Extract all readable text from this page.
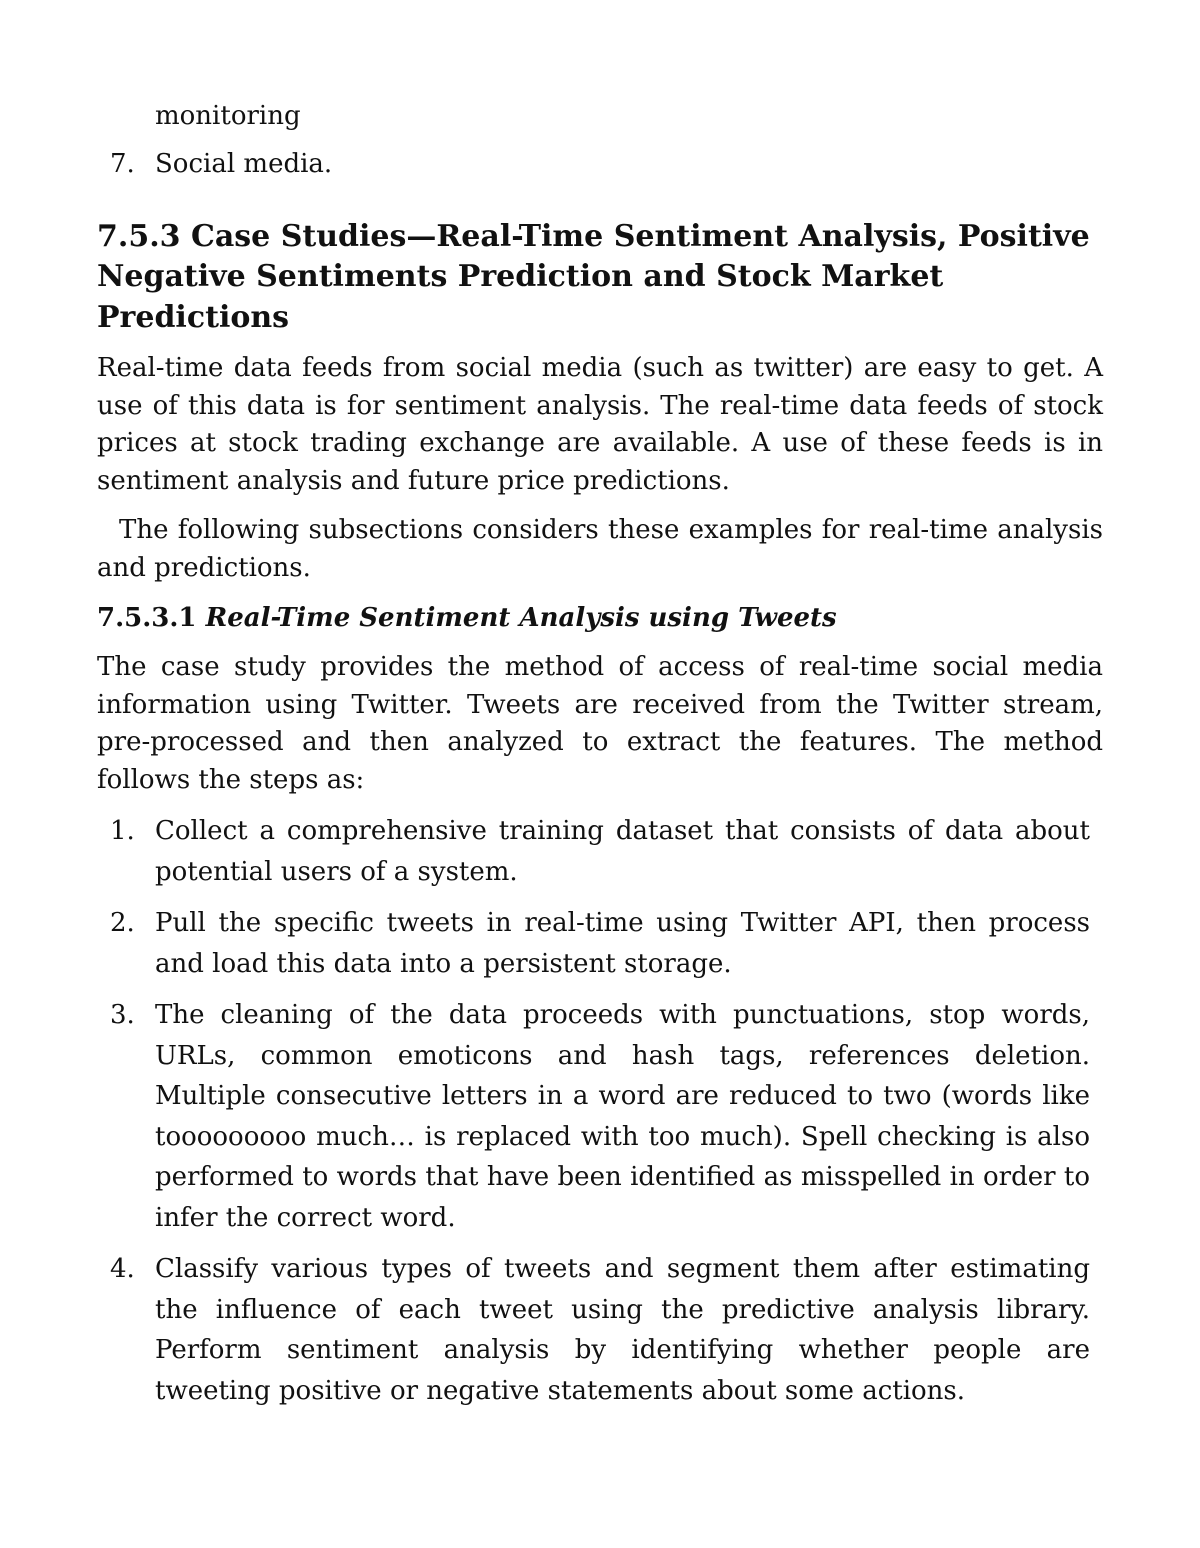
monitoring

7. Social media.
7.5.3 Case Studies—Real-Time Sentiment Analysis, Positive Negative Sentiments Prediction and Stock Market Predictions

Real-time data feeds from social media (such as twitter) are easy to get. A use of this data is for sentiment analysis. The real-time data feeds of stock prices at stock trading exchange are available. A use of these feeds is in sentiment analysis and future price predictions.

The following subsections considers these examples for real-time analysis and predictions.

7.5.3.1 Real-Time Sentiment Analysis using Tweets

The case study provides the method of access of real-time social media information using Twitter. Tweets are received from the Twitter stream, pre-processed and then analyzed to extract the features. The method follows the steps as:

1. Collect a comprehensive training dataset that consists of data about potential users of a system.
2. Pull the specific tweets in real-time using Twitter API, then process and load this data into a persistent storage.
3. The cleaning of the data proceeds with punctuations, stop words, URLs, common emoticons and hash tags, references deletion. Multiple consecutive letters in a word are reduced to two (words like tooooooooo much… is replaced with too much). Spell checking is also performed to words that have been identified as misspelled in order to infer the correct word.
4. Classify various types of tweets and segment them after estimating the influence of each tweet using the predictive analysis library. Perform sentiment analysis by identifying whether people are tweeting positive or negative statements about some actions.
